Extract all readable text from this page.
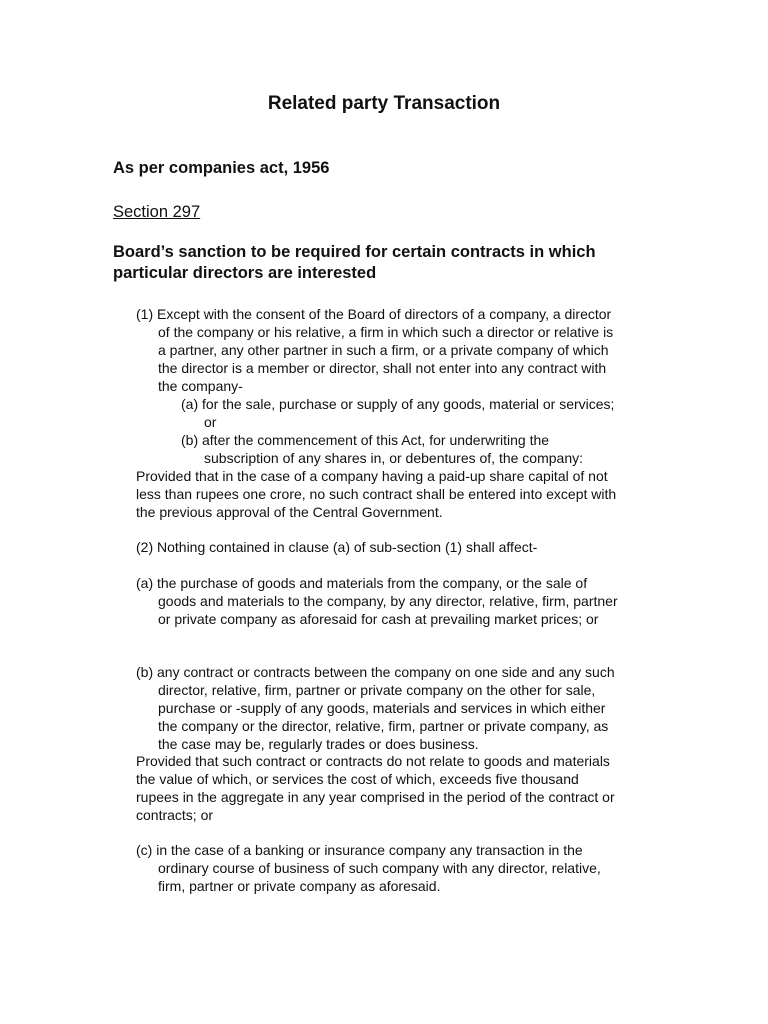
Related party Transaction
As per companies act, 1956
Section 297
Board’s sanction to be required for certain contracts in which
particular directors are interested
(1) Except with the consent of the Board of directors of a company, a director
of the company or his relative, a firm in which such a director or relative is
a partner, any other partner in such a firm, or a private company of which
the director is a member or director, shall not enter into any contract with
the company-
(a) for the sale, purchase or supply of any goods, material or services;
or
(b) after the commencement of this Act, for underwriting the
subscription of any shares in, or debentures of, the company:
Provided that in the case of a company having a paid-up share capital of not
less than rupees one crore, no such contract shall be entered into except with
the previous approval of the Central Government.
(2) Nothing contained in clause (a) of sub-section (1) shall affect-
(a) the purchase of goods and materials from the company, or the sale of
goods and materials to the company, by any director, relative, firm, partner
or private company as aforesaid for cash at prevailing market prices; or
(b) any contract or contracts between the company on one side and any such
director, relative, firm, partner or private company on the other for sale,
purchase or -supply of any goods, materials and services in which either
the company or the director, relative, firm, partner or private company, as
the case may be, regularly trades or does business.
Provided that such contract or contracts do not relate to goods and materials
the value of which, or services the cost of which, exceeds five thousand
rupees in the aggregate in any year comprised in the period of the contract or
contracts; or
(c) in the case of a banking or insurance company any transaction in the
ordinary course of business of such company with any director, relative,
firm, partner or private company as aforesaid.
